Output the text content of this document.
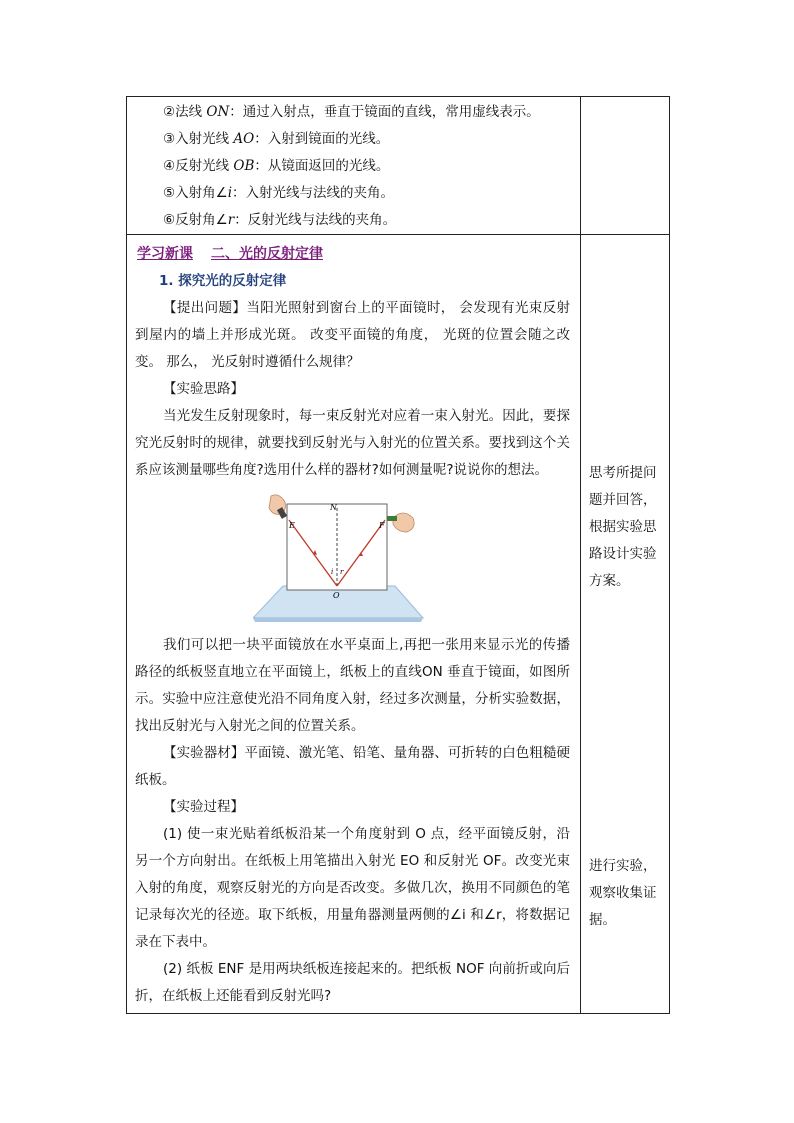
②法线 ON：通过入射点，垂直于镜面的直线，常用虚线表示。
③入射光线 AO：入射到镜面的光线。
④反射光线 OB：从镜面返回的光线。
⑤入射角∠i：入射光线与法线的夹角。
⑥反射角∠r：反射光线与法线的夹角。
学习新课 二、光的反射定律
1. 探究光的反射定律

【提出问题】当阳光照射到窗台上的平面镜时， 会发现有光束反射到屋内的墙上并形成光斑。 改变平面镜的角度， 光斑的位置会随之改变。 那么， 光反射时遵循什么规律？

【实验思路】

当光发生反射现象时，每一束反射光对应着一束入射光。因此，要探究光反射时的规律，就要找到反射光与入射光的位置关系。要找到这个关系应该测量哪些角度?选用什么样的器材?如何测量呢?说说你的想法。

E
N
F
O
i r

我们可以把一块平面镜放在水平桌面上,再把一张用来显示光的传播路径的纸板竖直地立在平面镜上，纸板上的直线ON 垂直于镜面，如图所示。实验中应注意使光沿不同角度入射，经过多次测量，分析实验数据，找出反射光与入射光之间的位置关系。

【实验器材】平面镜、激光笔、铅笔、量角器、可折转的白色粗糙硬纸板。

【实验过程】

(1) 使一束光贴着纸板沿某一个角度射到 O 点，经平面镜反射，沿另一个方向射出。在纸板上用笔描出入射光 EO 和反射光 OF。改变光束入射的角度，观察反射光的方向是否改变。多做几次，换用不同颜色的笔记录每次光的径迹。取下纸板，用量角器测量两侧的∠i 和∠r，将数据记录在下表中。

(2) 纸板 ENF 是用两块纸板连接起来的。把纸板 NOF 向前折或向后折，在纸板上还能看到反射光吗?

思考所提问题并回答，根据实验思路设计实验方案。
进行实验，观察收集证据。
